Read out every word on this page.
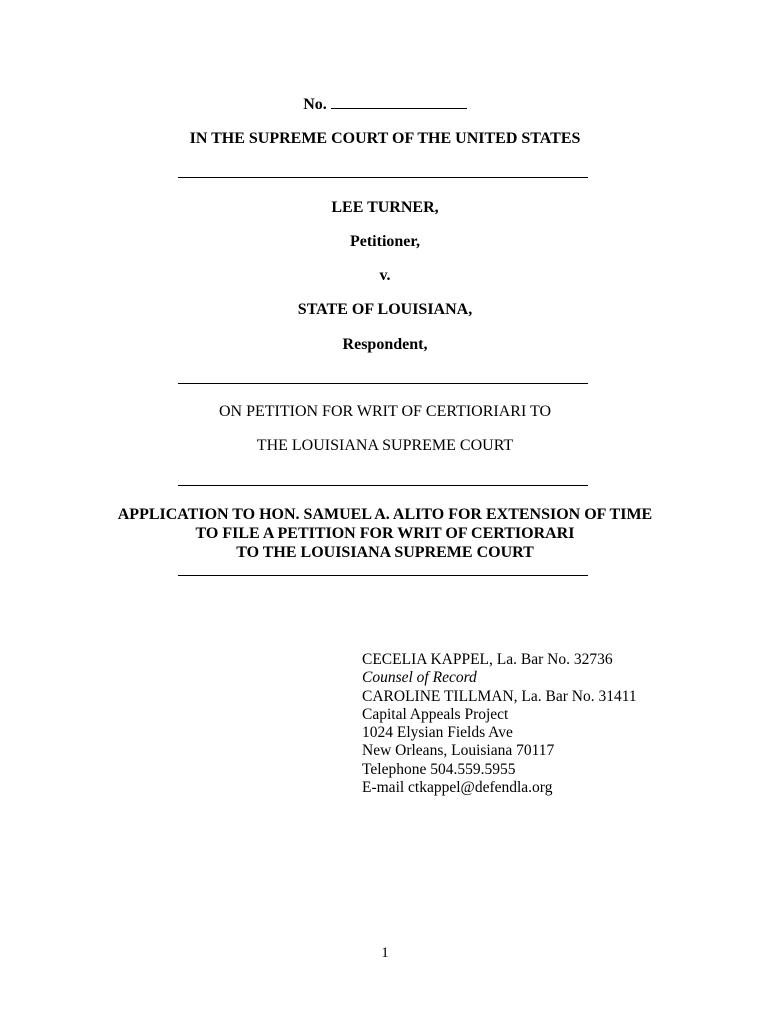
No.
IN THE SUPREME COURT OF THE UNITED STATES
LEE TURNER,
Petitioner,
v.
STATE OF LOUISIANA,
Respondent,
ON PETITION FOR WRIT OF CERTIORIARI TO
THE LOUISIANA SUPREME COURT
APPLICATION TO HON. SAMUEL A. ALITO FOR EXTENSION OF TIME
TO FILE A PETITION FOR WRIT OF CERTIORARI
TO THE LOUISIANA SUPREME COURT
CECELIA KAPPEL, La. Bar No. 32736
Counsel of Record
CAROLINE TILLMAN, La. Bar No. 31411
Capital Appeals Project
1024 Elysian Fields Ave
New Orleans, Louisiana 70117
Telephone 504.559.5955
E-mail ctkappel@defendla.org
1
